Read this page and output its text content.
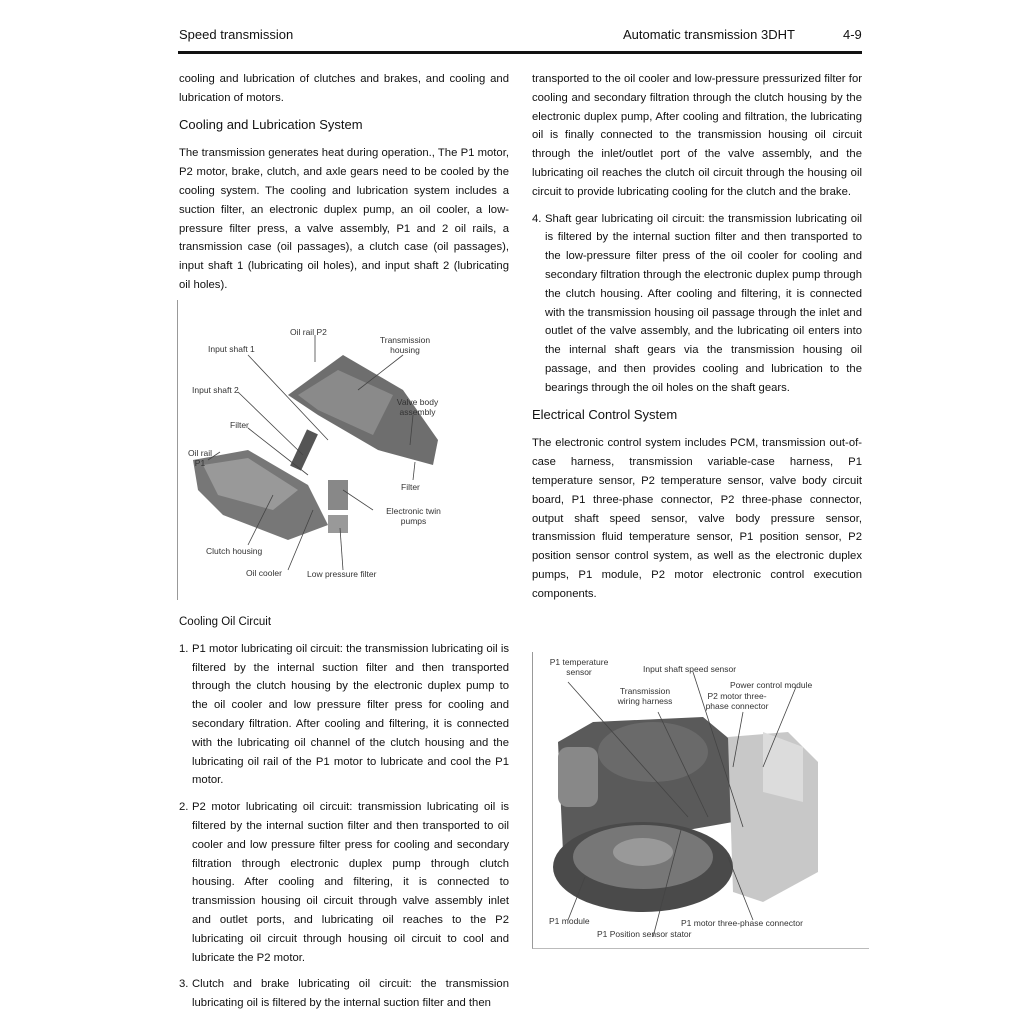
Speed transmission	Automatic transmission 3DHT	4-9

cooling and lubrication of clutches and brakes, and cooling and lubrication of motors.

Cooling and Lubrication System

The transmission generates heat during operation., The P1 motor, P2 motor, brake, clutch, and axle gears need to be cooled by the cooling system. The cooling and lubrication system includes a suction filter, an electronic duplex pump, an oil cooler, a low-pressure filter press, a valve assembly, P1 and 2 oil rails, a transmission case (oil passages), a clutch case (oil passages), input shaft 1 (lubricating oil holes), and input shaft 2 (lubricating oil holes).

Oil rail P2
Transmission housing
Input shaft 1
Input shaft 2
Valve body assembly
Filter
Oil rail P1
Filter
Electronic twin pumps
Clutch housing
Oil cooler	Low pressure filter
Cooling Oil Circuit
1. P1 motor lubricating oil circuit: the transmission lubricating oil is filtered by the internal suction filter and then transported through the clutch housing by the electronic duplex pump to the oil cooler and low pressure filter press for cooling and secondary filtration. After cooling and filtering, it is connected with the lubricating oil channel of the clutch housing and the lubricating oil rail of the P1 motor to lubricate and cool the P1 motor.
2. P2 motor lubricating oil circuit: transmission lubricating oil is filtered by the internal suction filter and then transported to oil cooler and low pressure filter press for cooling and secondary filtration through electronic duplex pump through clutch housing. After cooling and filtering, it is connected to transmission housing oil circuit through valve assembly inlet and outlet ports, and lubricating oil reaches to the P2 lubricating oil circuit through housing oil circuit to cool and lubricate the P2 motor.
3. Clutch and brake lubricating oil circuit: the transmission lubricating oil is filtered by the internal suction filter and then

transported to the oil cooler and low-pressure pressurized filter for cooling and secondary filtration through the clutch housing by the electronic duplex pump, After cooling and filtration, the lubricating oil is finally connected to the transmission housing oil circuit through the inlet/outlet port of the valve assembly, and the lubricating oil reaches the clutch oil circuit through the housing oil circuit to provide lubricating cooling for the clutch and the brake.

4. Shaft gear lubricating oil circuit: the transmission lubricating oil is filtered by the internal suction filter and then transported to the low-pressure filter press of the oil cooler for cooling and secondary filtration through the electronic duplex pump through the clutch housing. After cooling and filtering, it is connected with the transmission housing oil passage through the inlet and outlet of the valve assembly, and the lubricating oil enters into the internal shaft gears via the transmission housing oil passage, and then provides cooling and lubrication to the bearings through the oil holes on the shaft gears.
Electrical Control System

The electronic control system includes PCM, transmission out-of-case harness, transmission variable-case harness, P1 temperature sensor, P2 temperature sensor, valve body circuit board, P1 three-phase connector, P2 three-phase connector, output shaft speed sensor, valve body pressure sensor, transmission fluid temperature sensor, P1 position sensor, P2 position sensor control system, as well as the electronic duplex pumps, P1 module, P2 motor electronic control execution components.

P1 temperature sensor	Input shaft speed sensor
Power control module
Transmission wiring harness	P2 motor three-phase connector
P1 module	P1 motor three-phase connector
P1 Position sensor stator
